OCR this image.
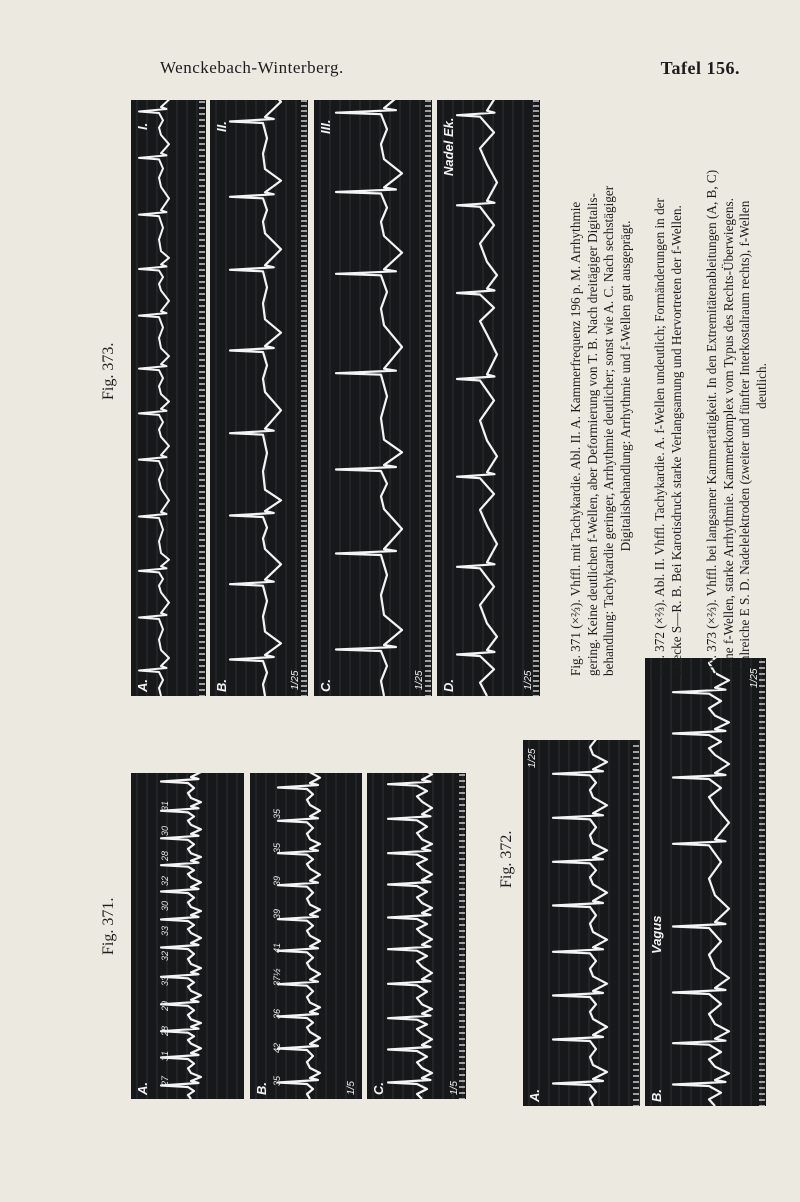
Wenckebach-Winterberg.	Tafel 156.
Fig. 371.
Fig. 372.
Fig. 373.
A.
I.
B.
II.
1/25 C.
III.
1/25 D.
Nadel Ek.
1/25
A.	B.	1/5 C.	1/5
27
31
28
29
33
32
33
30
32
28
30
31
35
42
36
37½
41
39
39
35
35
A.
1/25
B.
Vagus
1/25

Fig. 371 (×⅔). Vhffl. mit Tachykardie. Abl. II. A. Kammerfrequenz 196 p. M. Arrhythmie gering. Keine deutlichen f-Wellen, aber Deformierung von T. B. Nach dreitägiger Digitalis- behandlung: Tachykardie geringer, Arrhythmie deutlicher; sonst wie A. C. Nach sechstägiger Digitalisbehandlung: Arrhythmie und f-Wellen gut ausgeprägt. Fig. 372 (×⅔). Abl. II. Vhffl. Tachykardie. A. f-Wellen undeutlich; Formänderungen in der Strecke S—R. B. Bei Karotisdruck starke Verlangsamung und Hervortreten der f-Wellen. Fig. 373 (×⅔). Vhffl. bei langsamer Kammertätigkeit. In den Extremitätenableitungen (A, B, C) keine f-Wellen, starke Arrhythmie. Kammerkomplex vom Typus des Rechts-Überwiegens. Zahlreiche E S. D. Nadelelektroden (zweiter und fünfter Interkostalraum rechts), f-Wellen deutlich.
